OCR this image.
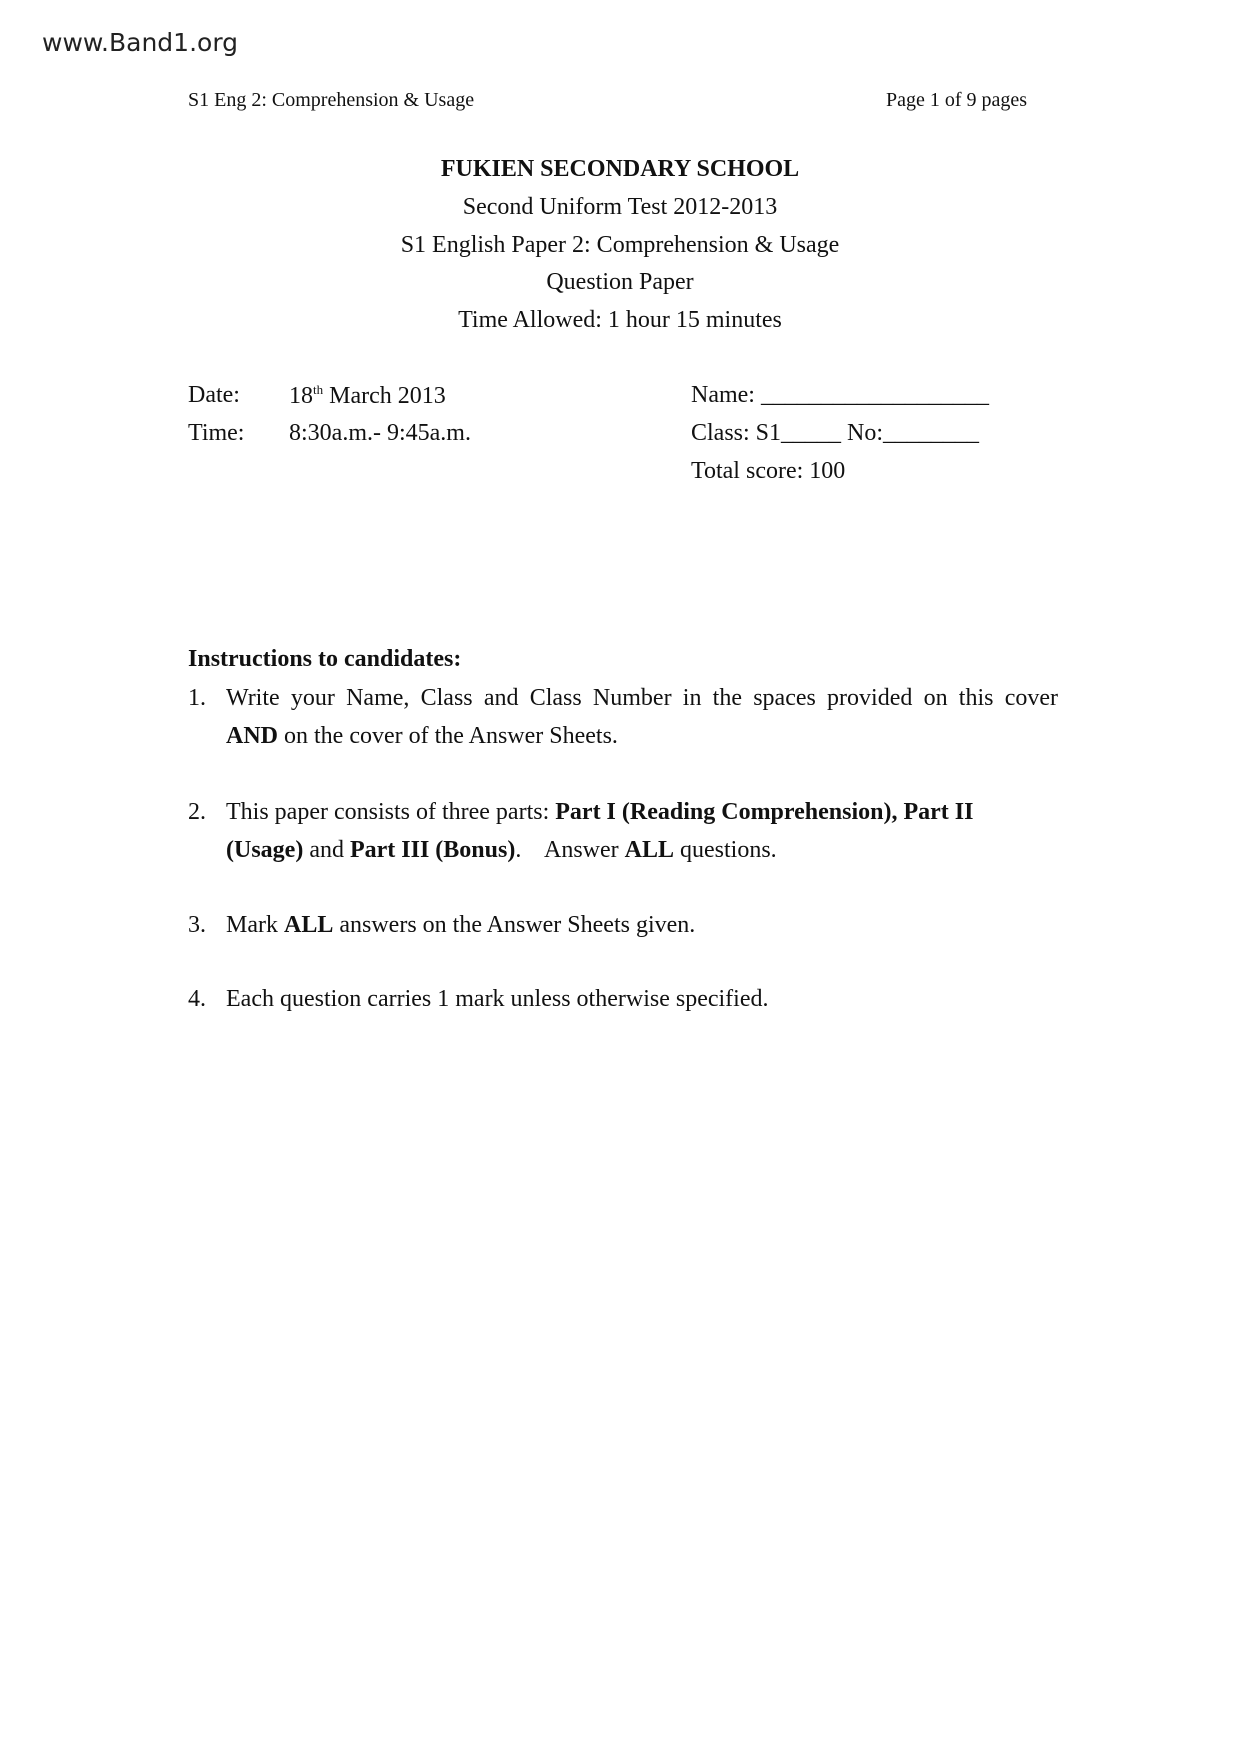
www.Band1.org
S1 Eng 2: Comprehension & Usage	Page 1 of 9 pages
FUKIEN SECONDARY SCHOOL
Second Uniform Test 2012-2013
S1 English Paper 2: Comprehension & Usage
Question Paper
Time Allowed: 1 hour 15 minutes
Date: 18th March 2013
Time: 8:30a.m.- 9:45a.m.
Name: ___________________
Class: S1_____ No:________
Total score: 100
Instructions to candidates:
1. Write your Name, Class and Class Number in the spaces provided on this cover
AND on the cover of the Answer Sheets.
2. This paper consists of three parts: Part I (Reading Comprehension), Part II
(Usage) and Part III (Bonus).    Answer ALL questions.
3. Mark ALL answers on the Answer Sheets given.
4. Each question carries 1 mark unless otherwise specified.
